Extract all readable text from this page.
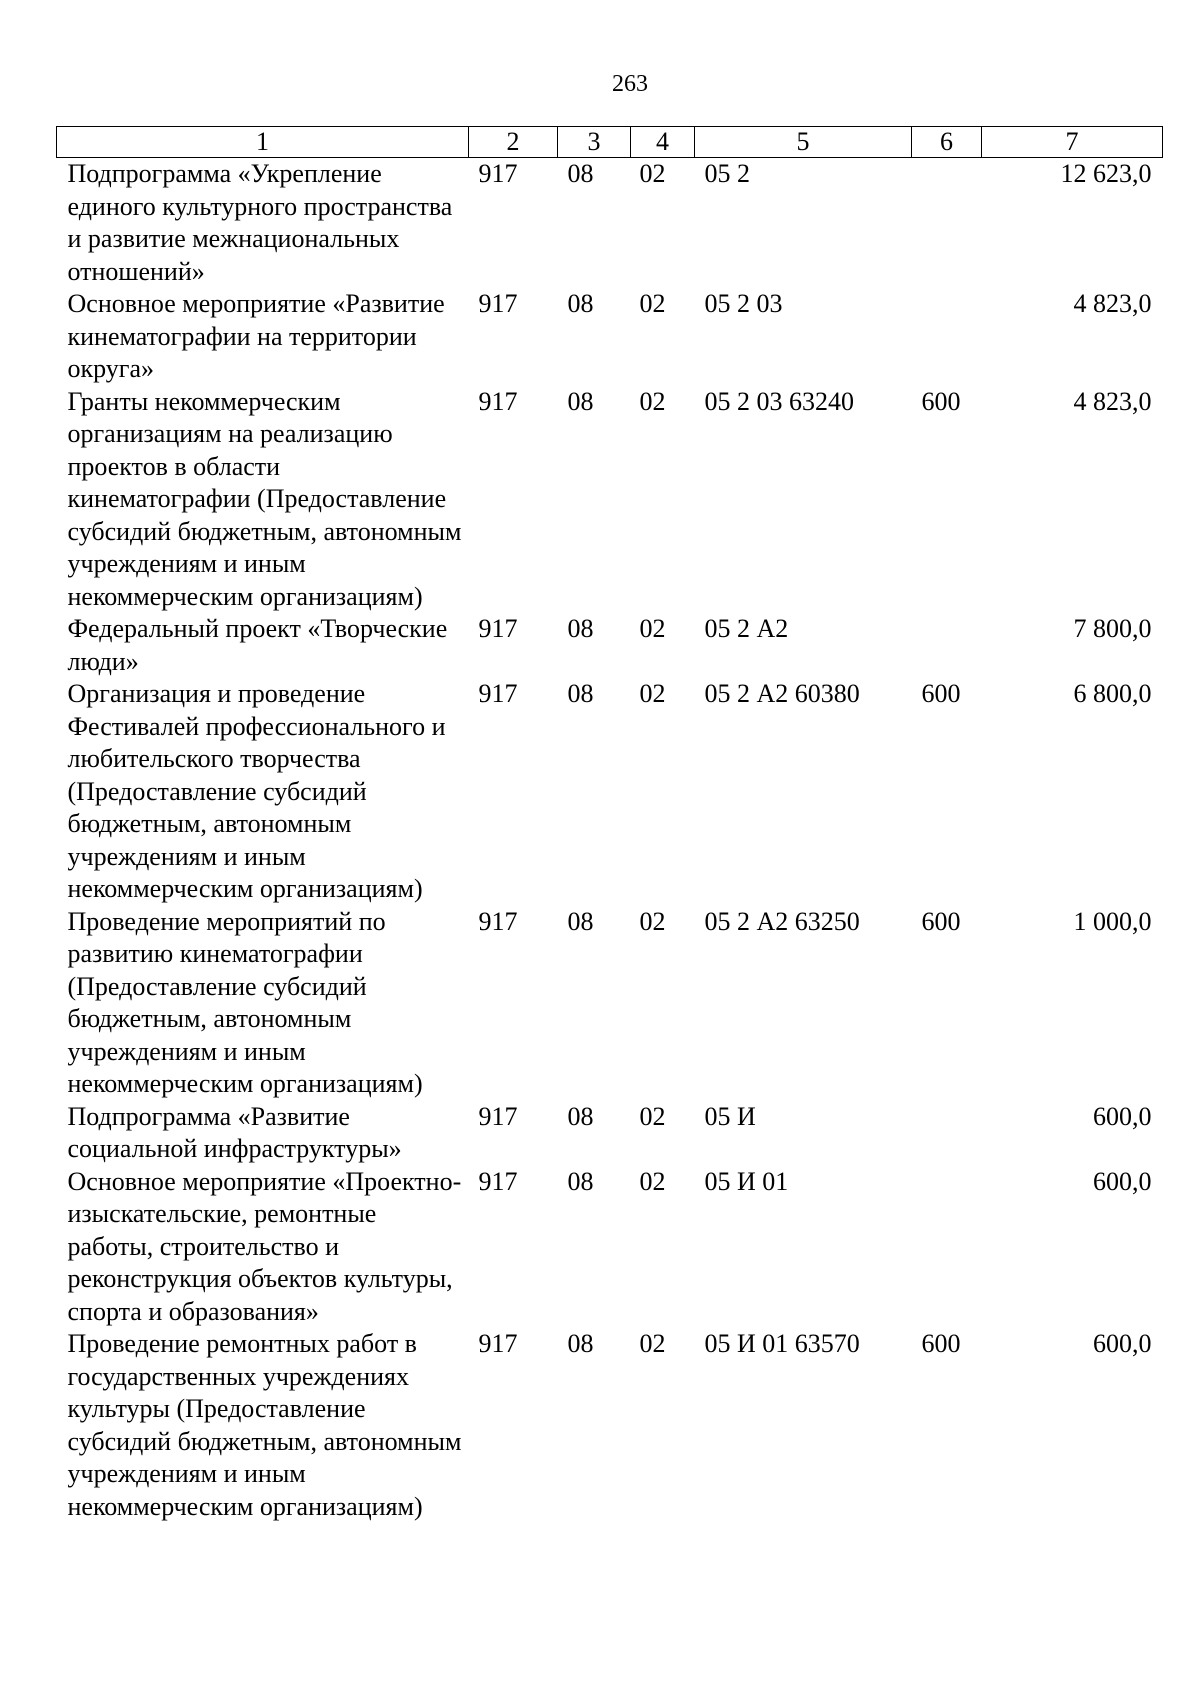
263
1	2	3	4	5	6	7
Подпрограмма «Укрепление единого культурного пространства и развитие межнациональных отношений»	917	08	02	05 2		12 623,0
Основное мероприятие «Развитие кинематографии на территории округа»	917	08	02	05 2 03		4 823,0
Гранты некоммерческим организациям на реализацию проектов в области кинематографии (Предоставление субсидий бюджетным, автономным учреждениям и иным некоммерческим организациям)	917	08	02	05 2 03 63240	600	4 823,0
Федеральный проект «Творческие люди»	917	08	02	05 2 А2		7 800,0
Организация и проведение Фестивалей профессионального и любительского творчества (Предоставление субсидий бюджетным, автономным учреждениям и иным некоммерческим организациям)	917	08	02	05 2 А2 60380	600	6 800,0
Проведение мероприятий по развитию кинематографии (Предоставление субсидий бюджетным, автономным учреждениям и иным некоммерческим организациям)	917	08	02	05 2 А2 63250	600	1 000,0
Подпрограмма «Развитие социальной инфраструктуры»	917	08	02	05 И		600,0
Основное мероприятие «Проектно-изыскательские, ремонтные работы, строительство и реконструкция объектов культуры, спорта и образования»	917	08	02	05 И 01		600,0
Проведение ремонтных работ в государственных учреждениях культуры (Предоставление субсидий бюджетным, автономным учреждениям и иным некоммерческим организациям)	917	08	02	05 И 01 63570	600	600,0
